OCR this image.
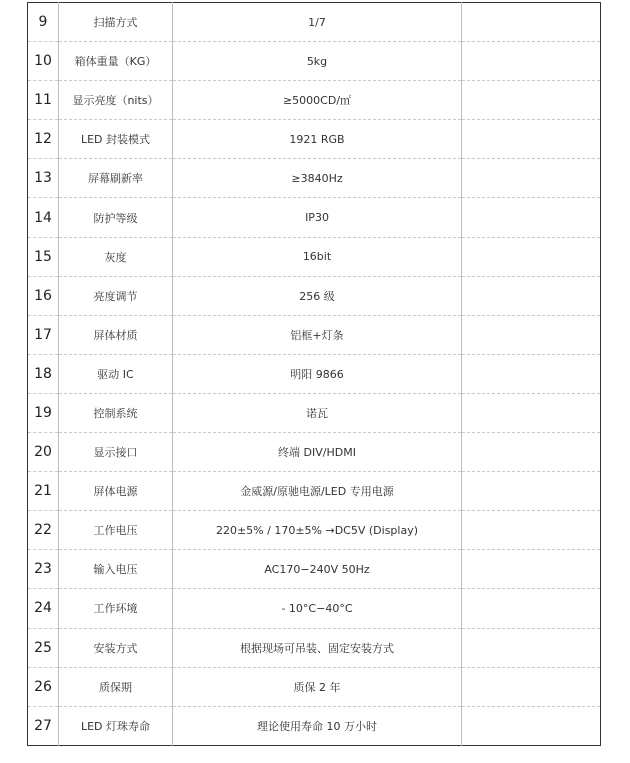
9	扫描方式	1/7	
10	箱体重量（KG）	5kg	
11	显示亮度（nits）	≥5000CD/㎡	
12	LED 封装模式	1921 RGB	
13	屏幕刷新率	≥3840Hz	
14	防护等级	IP30	
15	灰度	16bit	
16	亮度调节	256 级	
17	屏体材质	铝框+灯条	
18	驱动 IC	明阳 9866	
19	控制系统	诺瓦	
20	显示接口	终端 DIV/HDMI	
21	屏体电源	金威源/原驰电源/LED 专用电源	
22	工作电压	220±5% / 170±5% →DC5V (Display)	
23	输入电压	AC170−240V 50Hz	
24	工作环境	- 10°C−40°C	
25	安装方式	根据现场可吊装、固定安装方式	
26	质保期	质保 2 年	
27	LED 灯珠寿命	理论使用寿命 10 万小时	
